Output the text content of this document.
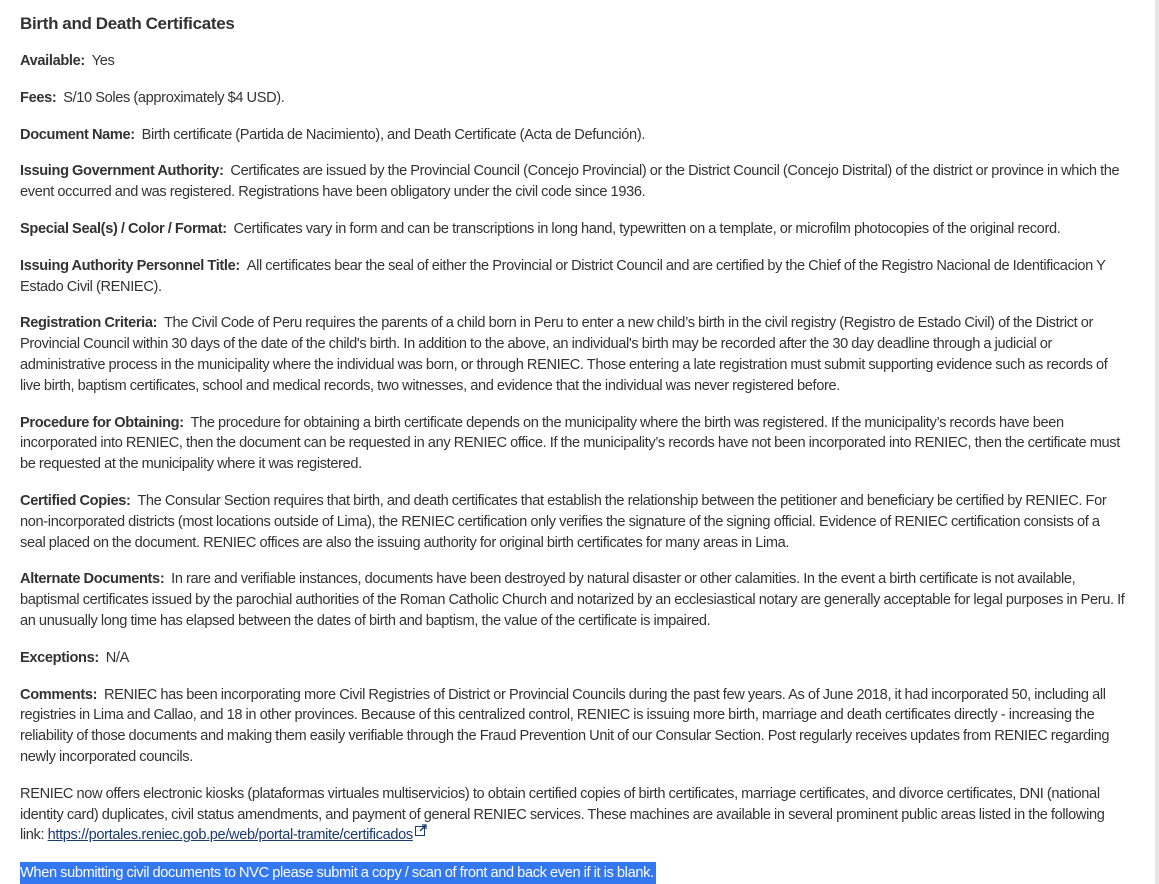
Birth and Death Certificates

Available:  Yes

Fees:  S/10 Soles (approximately $4 USD).

Document Name:  Birth certificate (Partida de Nacimiento), and Death Certificate (Acta de Defunción).

Issuing Government Authority:  Certificates are issued by the Provincial Council (Concejo Provincial) or the District Council (Concejo Distrital) of the district or province in which the event occurred and was registered. Registrations have been obligatory under the civil code since 1936.

Special Seal(s) / Color / Format:  Certificates vary in form and can be transcriptions in long hand, typewritten on a template, or microfilm photocopies of the original record.

Issuing Authority Personnel Title:  All certificates bear the seal of either the Provincial or District Council and are certified by the Chief of the Registro Nacional de Identificacion Y Estado Civil (RENIEC).

Registration Criteria:  The Civil Code of Peru requires the parents of a child born in Peru to enter a new child’s birth in the civil registry (Registro de Estado Civil) of the District or Provincial Council within 30 days of the date of the child's birth. In addition to the above, an individual's birth may be recorded after the 30 day deadline through a judicial or administrative process in the municipality where the individual was born, or through RENIEC. Those entering a late registration must submit supporting evidence such as records of live birth, baptism certificates, school and medical records, two witnesses, and evidence that the individual was never registered before.

Procedure for Obtaining:  The procedure for obtaining a birth certificate depends on the municipality where the birth was registered. If the municipality’s records have been incorporated into RENIEC, then the document can be requested in any RENIEC office. If the municipality’s records have not been incorporated into RENIEC, then the certificate must be requested at the municipality where it was registered.

Certified Copies:  The Consular Section requires that birth, and death certificates that establish the relationship between the petitioner and beneficiary be certified by RENIEC. For non-incorporated districts (most locations outside of Lima), the RENIEC certification only verifies the signature of the signing official. Evidence of RENIEC certification consists of a seal placed on the document. RENIEC offices are also the issuing authority for original birth certificates for many areas in Lima.

Alternate Documents:  In rare and verifiable instances, documents have been destroyed by natural disaster or other calamities. In the event a birth certificate is not available, baptismal certificates issued by the parochial authorities of the Roman Catholic Church and notarized by an ecclesiastical notary are generally acceptable for legal purposes in Peru. If an unusually long time has elapsed between the dates of birth and baptism, the value of the certificate is impaired.

Exceptions:  N/A

Comments:  RENIEC has been incorporating more Civil Registries of District or Provincial Councils during the past few years. As of June 2018, it had incorporated 50, including all registries in Lima and Callao, and 18 in other provinces. Because of this centralized control, RENIEC is issuing more birth, marriage and death certificates directly - increasing the reliability of those documents and making them easily verifiable through the Fraud Prevention Unit of our Consular Section. Post regularly receives updates from RENIEC regarding newly incorporated councils.

RENIEC now offers electronic kiosks (plataformas virtuales multiservicios) to obtain certified copies of birth certificates, marriage certificates, and divorce certificates, DNI (national identity card) duplicates, civil status amendments, and payment of general RENIEC services. These machines are available in several prominent public areas listed in the following link: https://portales.reniec.gob.pe/web/portal-tramite/certificados

When submitting civil documents to NVC please submit a copy / scan of front and back even if it is blank.
